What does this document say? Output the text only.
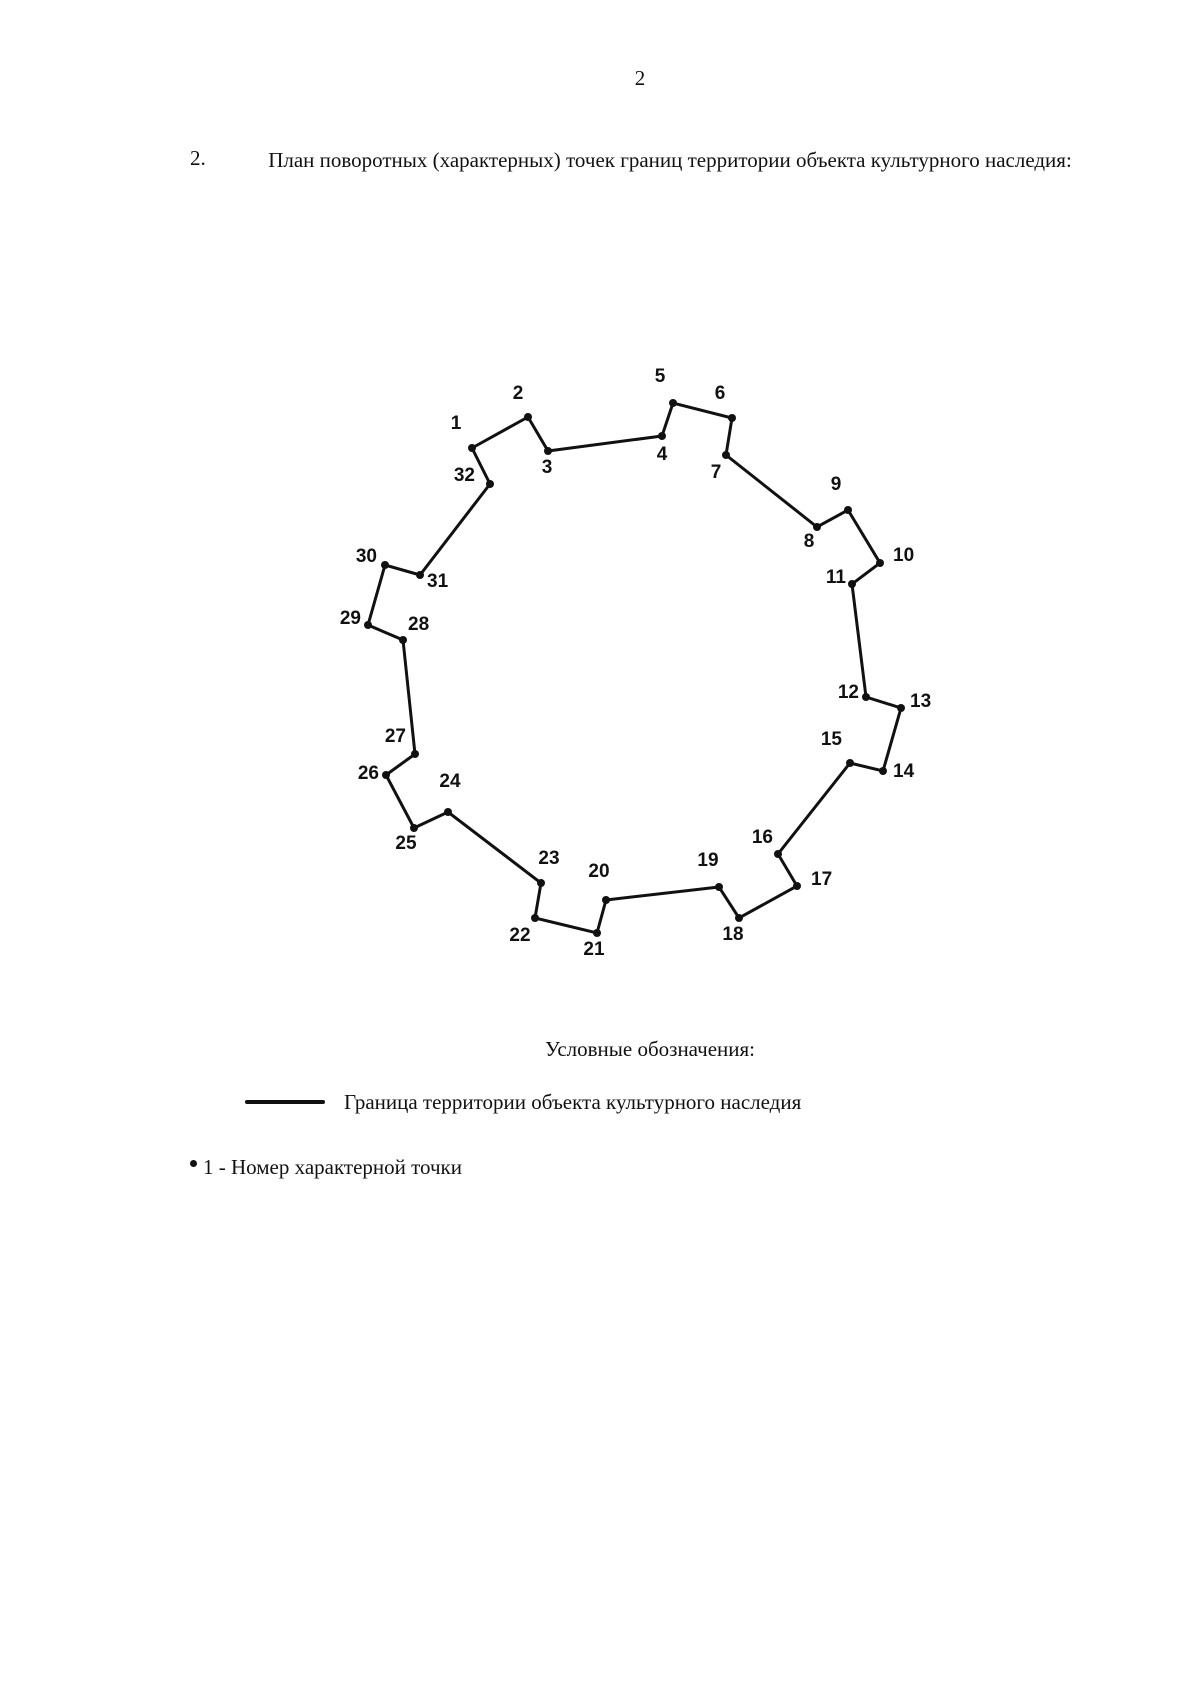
2
2.	План поворотных (характерных) точек границ территории объекта культурного наследия:
1
2
3
4
5
6
7
8
9
10
11
12	13
14
15
16
17
18
19
20
21
22
23
24
25
26
27
28
29
30
31
32
Условные обозначения:
Граница территории объекта культурного наследия
1 - Номер характерной точки
